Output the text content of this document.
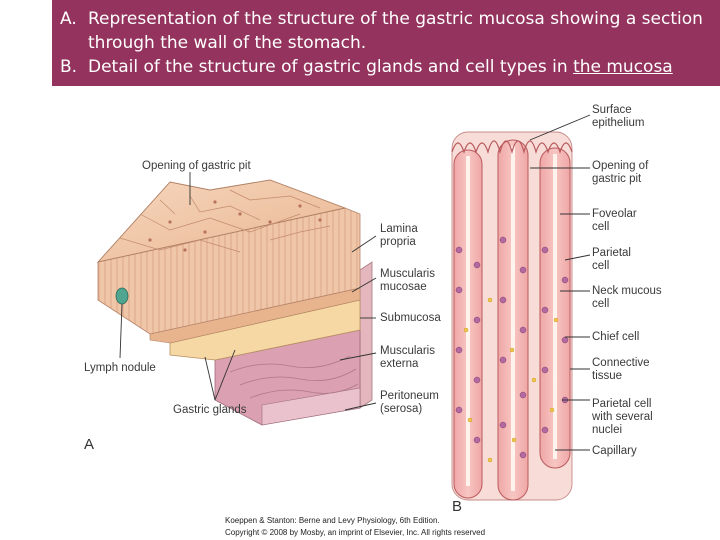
A. Representation of the structure of the gastric mucosa showing a section
through the wall of the stomach.
B. Detail of the structure of gastric glands and cell types in the mucosa
Opening of gastric pit
Lamina propria
Muscularis mucosae
Submucosa
Muscularis externa
Peritoneum (serosa)
Lymph nodule
Gastric glands
A
Surface epithelium
Opening of gastric pit
Foveolar cell
Parietal cell
Neck mucous cell
Chief cell
Connective tissue
Parietal cell with several nuclei
Capillary
B
Koeppen & Stanton: Berne and Levy Physiology, 6th Edition.
Copyright © 2008 by Mosby, an imprint of Elsevier, Inc. All rights reserved
